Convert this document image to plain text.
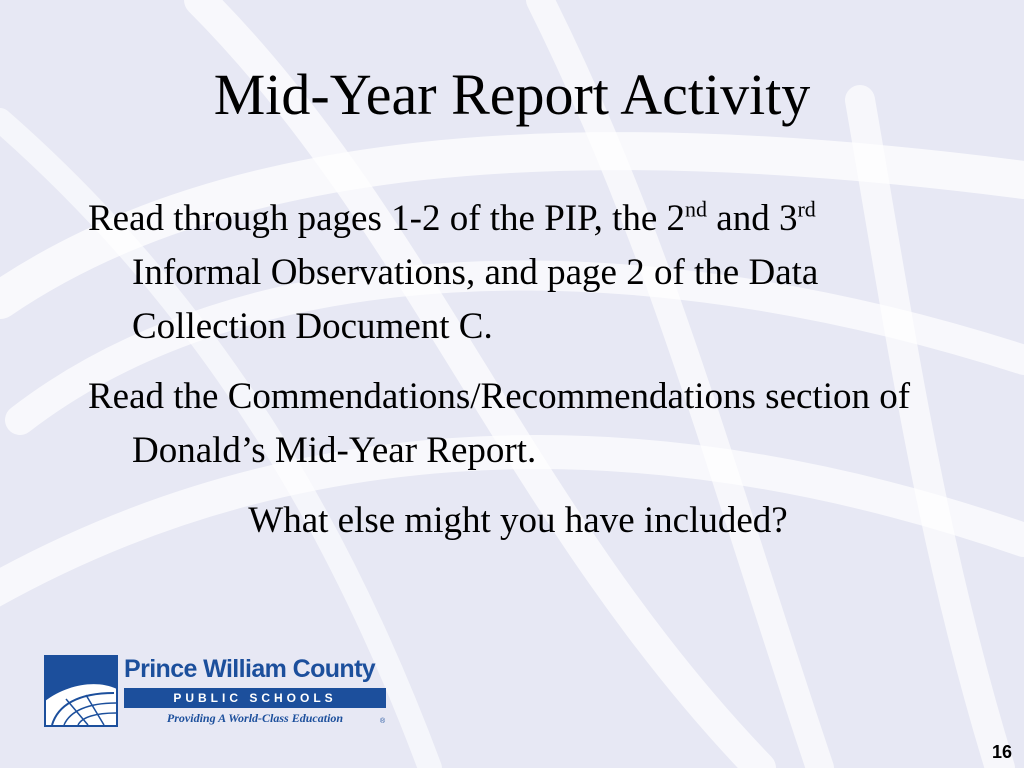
Mid-Year Report Activity

Read through pages 1-2 of the PIP, the 2nd and 3rd Informal Observations, and page 2 of the Data Collection Document C.

Read the Commendations/Recommendations section of Donald’s Mid-Year Report.

What else might you have included?

Prince William County
PUBLIC SCHOOLS
Providing A World-Class Education	®
16
